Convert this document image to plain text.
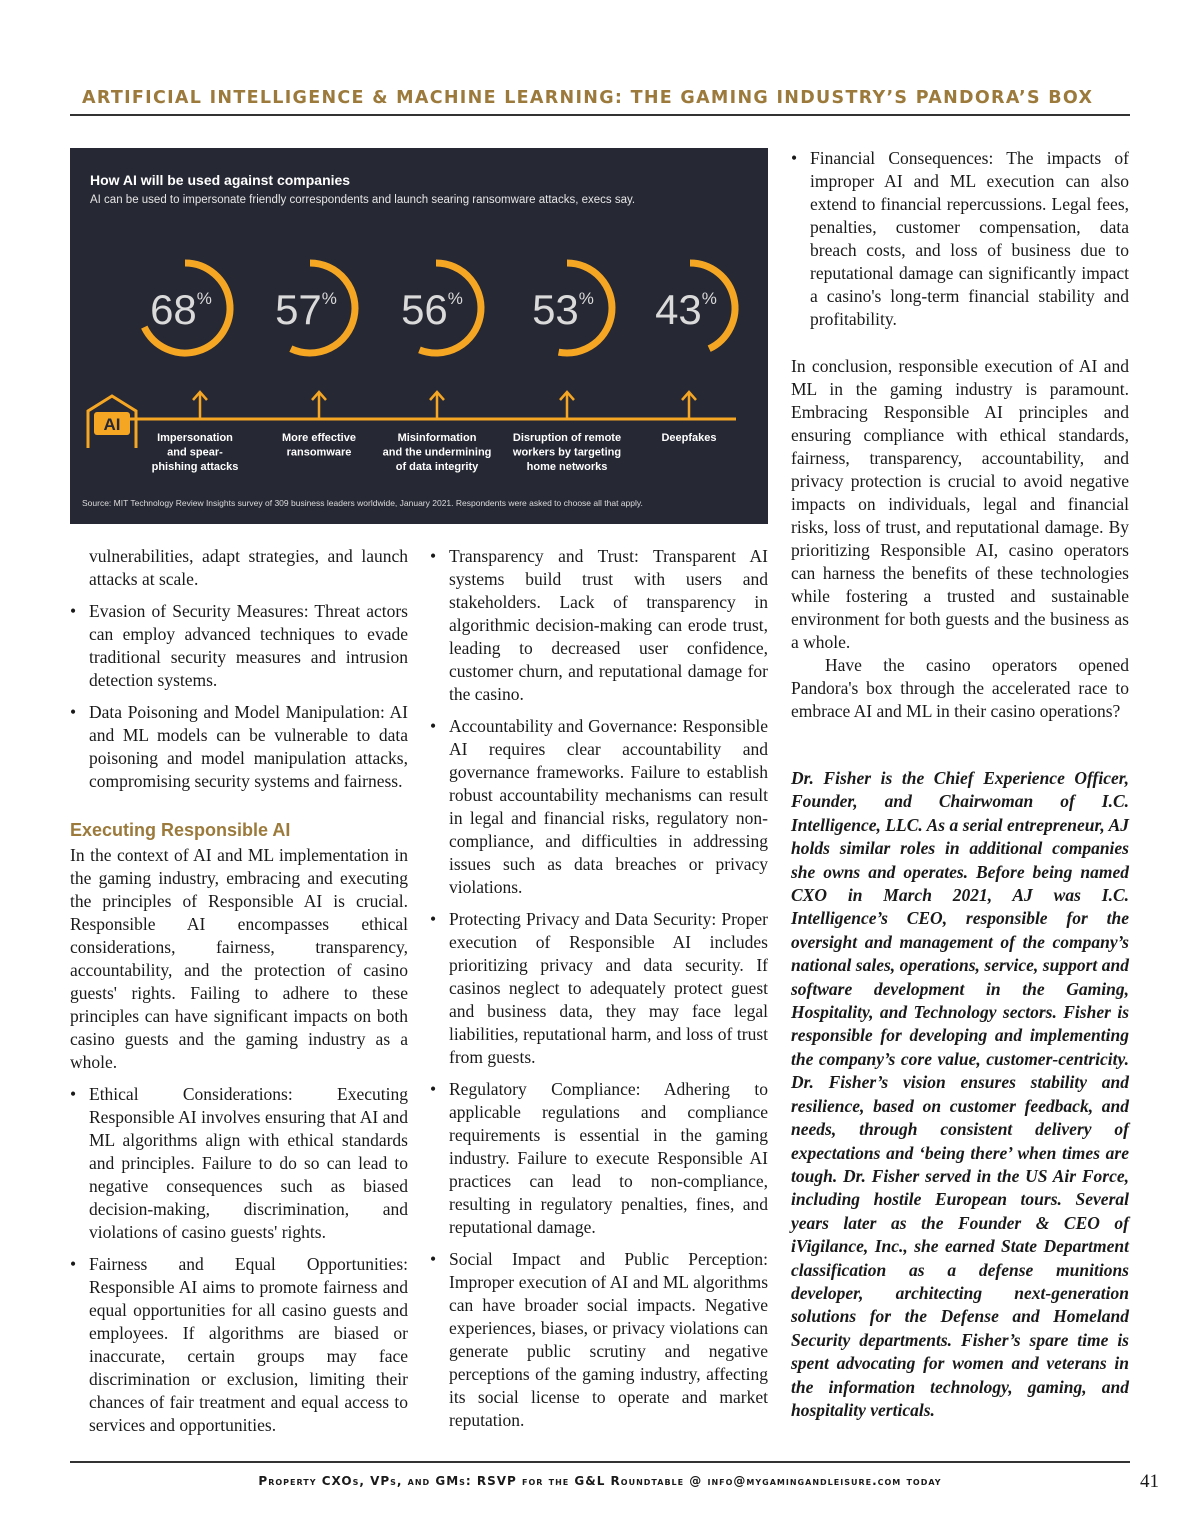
ARTIFICIAL INTELLIGENCE & MACHINE LEARNING: THE GAMING INDUSTRY’S PANDORA’S BOX
68%
Impersonation
and spear-
phishing attacks
57%
More effective
ransomware
56%
Misinformation
and the undermining
of data integrity
53%
Disruption of remote
workers by targeting
home networks
43%
Deepfakes
AI
How AI will be used against companies
AI can be used to impersonate friendly correspondents and launch searing ransomware attacks, execs say.
Source: MIT Technology Review Insights survey of 309 business leaders worldwide, January 2021. Respondents were asked to choose all that apply.

vulnerabilities, adapt strategies, and launch attacks at scale.

• Evasion of Security Measures: Threat actors can employ advanced techniques to evade traditional security measures and intrusion detection systems.
• Data Poisoning and Model Manipulation: AI and ML models can be vulnerable to data poisoning and model manipulation attacks, compromising security systems and fairness.
Executing Responsible AI

In the context of AI and ML implementation in the gaming industry, embracing and executing the principles of Responsible AI is crucial. Responsible AI encompasses ethical considerations, fairness, transparency, accountability, and the protection of casino guests' rights. Failing to adhere to these principles can have significant impacts on both casino guests and the gaming industry as a whole.

• Ethical Considerations: Executing Responsible AI involves ensuring that AI and ML algorithms align with ethical standards and principles. Failure to do so can lead to negative consequences such as biased decision-making, discrimination, and violations of casino guests' rights.
• Fairness and Equal Opportunities: Responsible AI aims to promote fairness and equal opportunities for all casino guests and employees. If algorithms are biased or inaccurate, certain groups may face discrimination or exclusion, limiting their chances of fair treatment and equal access to services and opportunities.
• Transparency and Trust: Transparent AI systems build trust with users and stakeholders. Lack of transparency in algorithmic decision-making can erode trust, leading to decreased user confidence, customer churn, and reputational damage for the casino.
• Accountability and Governance: Responsible AI requires clear accountability and governance frameworks. Failure to establish robust accountability mechanisms can result in legal and financial risks, regulatory non-compliance, and difficulties in addressing issues such as data breaches or privacy violations.
• Protecting Privacy and Data Security: Proper execution of Responsible AI includes prioritizing privacy and data security. If casinos neglect to adequately protect guest and business data, they may face legal liabilities, reputational harm, and loss of trust from guests.
• Regulatory Compliance: Adhering to applicable regulations and compliance requirements is essential in the gaming industry. Failure to execute Responsible AI practices can lead to non-compliance, resulting in regulatory penalties, fines, and reputational damage.
• Social Impact and Public Perception: Improper execution of AI and ML algorithms can have broader social impacts. Negative experiences, biases, or privacy violations can generate public scrutiny and negative perceptions of the gaming industry, affecting its social license to operate and market reputation.
• Financial Consequences: The impacts of improper AI and ML execution can also extend to financial repercussions. Legal fees, penalties, customer compensation, data breach costs, and loss of business due to reputational damage can significantly impact a casino's long-term financial stability and profitability.

In conclusion, responsible execution of AI and ML in the gaming industry is paramount. Embracing Responsible AI principles and ensuring compliance with ethical standards, fairness, transparency, accountability, and privacy protection is crucial to avoid negative impacts on individuals, legal and financial risks, loss of trust, and reputational damage. By prioritizing Responsible AI, casino operators can harness the benefits of these technologies while fostering a trusted and sustainable environment for both guests and the business as a whole.

Have the casino operators opened Pandora's box through the accelerated race to embrace AI and ML in their casino operations?

Dr. Fisher is the Chief Experience Officer, Founder, and Chairwoman of I.C. Intelligence, LLC. As a serial entrepreneur, AJ holds similar roles in additional companies she owns and operates. Before being named CXO in March 2021, AJ was I.C. Intelligence’s CEO, responsible for the oversight and management of the company’s national sales, operations, service, support and software development in the Gaming, Hospitality, and Technology sectors. Fisher is responsible for developing and implementing the company’s core value, customer-centricity. Dr. Fisher’s vision ensures stability and resilience, based on customer feedback, and needs, through consistent delivery of expectations and ‘being there’ when times are tough. Dr. Fisher served in the US Air Force, including hostile European tours. Several years later as the Founder & CEO of iVigilance, Inc., she earned State Department classification as a defense munitions developer, architecting next-generation solutions for the Defense and Homeland Security departments. Fisher’s spare time is spent advocating for women and veterans in the information technology, gaming, and hospitality verticals.

Property CXOs, VPs, and GMs: RSVP for the G&L Roundtable @ info@mygamingandleisure.com today	41
